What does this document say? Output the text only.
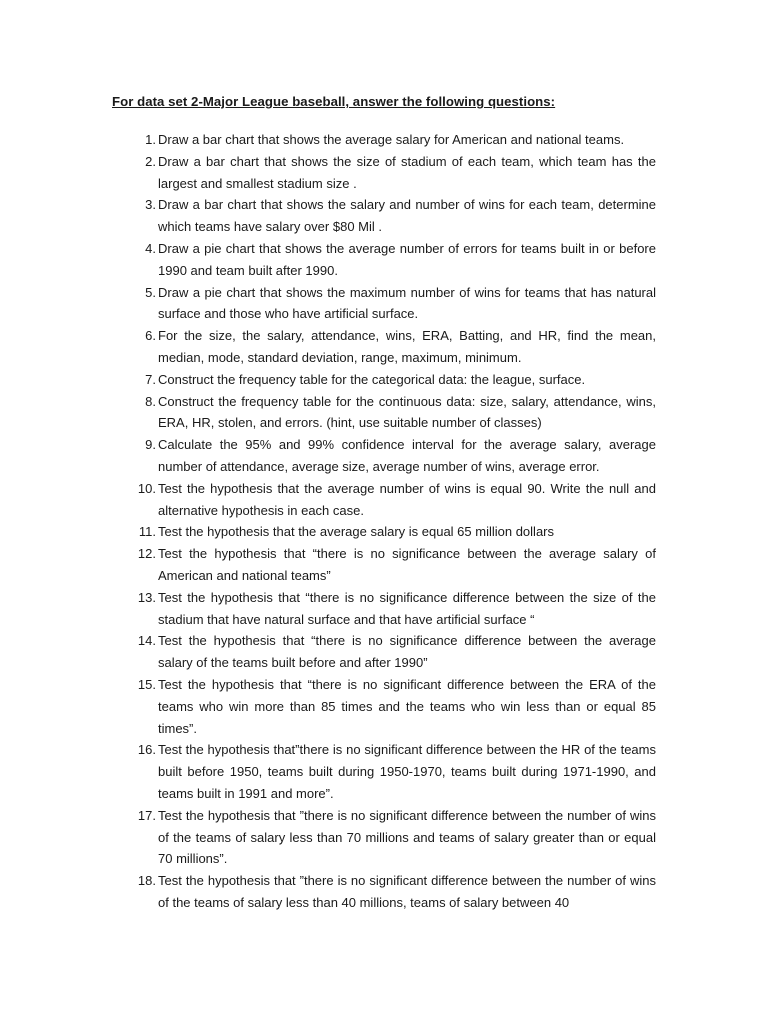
For data set 2-Major League baseball, answer the following questions:
1. Draw a bar chart that shows the average salary for American and national teams.
2. Draw a bar chart that shows the size of stadium of each team, which team has the largest and smallest stadium size .
3. Draw a bar chart that shows the salary and number of wins for each team, determine which teams have salary over $80 Mil .
4. Draw a pie chart that shows the average number of errors for teams built in or before 1990 and team built after 1990.
5. Draw a pie chart that shows the maximum number of wins for teams that has natural surface and those who have artificial surface.
6. For the size, the salary, attendance, wins, ERA, Batting, and HR, find the mean, median, mode, standard deviation, range, maximum, minimum.
7. Construct the frequency table for the categorical data: the league, surface.
8. Construct the frequency table for the continuous data: size, salary, attendance, wins, ERA, HR, stolen, and errors. (hint, use suitable number of classes)
9. Calculate the 95% and 99% confidence interval for the average salary, average number of attendance, average size, average number of wins, average error.
10. Test the hypothesis that the average number of wins is equal 90. Write the null and alternative hypothesis in each case.
11. Test the hypothesis that the average salary is equal 65 million dollars
12. Test the hypothesis that “there is no significance between the average salary of American and national teams”
13. Test the hypothesis that “there is no significance difference between the size of the stadium that have natural surface and that have artificial surface “
14. Test the hypothesis that “there is no significance difference between the average salary of the teams built before and after 1990”
15. Test the hypothesis that “there is no significant difference between the ERA of the teams who win more than 85 times and the teams who win less than or equal 85 times”.
16. Test the hypothesis that”there is no significant difference between the HR of the teams built before 1950, teams built during 1950-1970, teams built during 1971-1990, and teams built in 1991 and more”.
17. Test the hypothesis that ”there is no significant difference between the number of wins of the teams of salary less than 70 millions and teams of salary greater than or equal 70 millions”.
18. Test the hypothesis that ”there is no significant difference between the number of wins of the teams of salary less than 40 millions, teams of salary between 40
